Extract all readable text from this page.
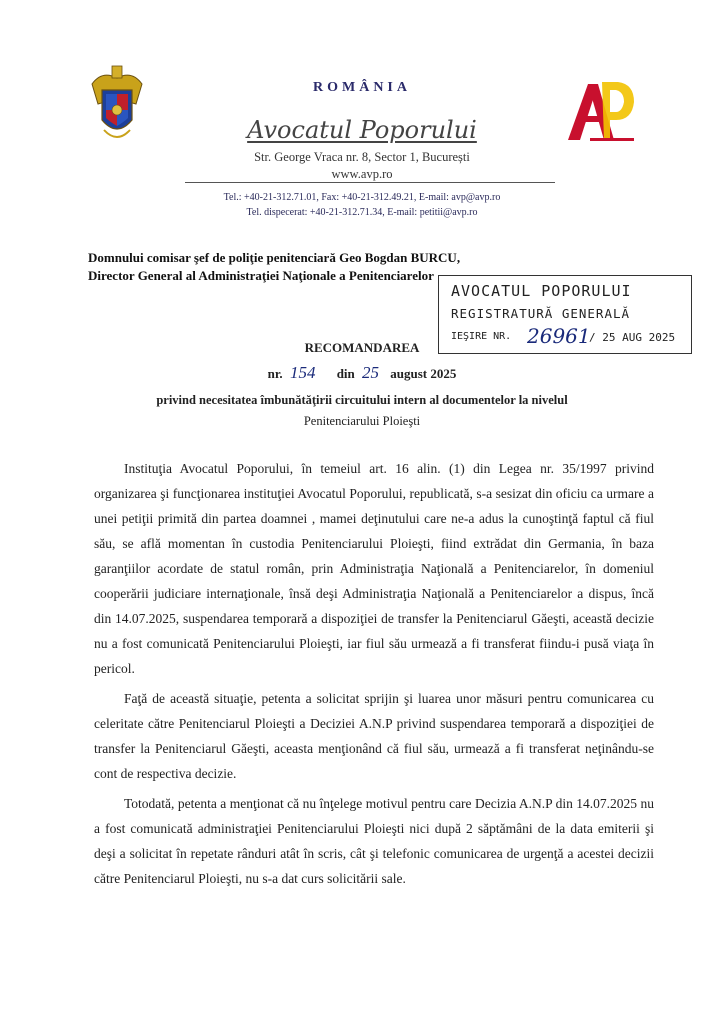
ROMÂNIA
Avocatul Poporului
Str. George Vraca nr. 8, Sector 1, București
www.avp.ro
Tel.: +40-21-312.71.01, Fax: +40-21-312.49.21, E-mail: avp@avp.ro
Tel. dispecerat: +40-21-312.71.34, E-mail: petitii@avp.ro
Domnului comisar şef de poliţie penitenciară Geo Bogdan BURCU,
Director General al Administraţiei Naţionale a Penitenciarelor
AVOCATUL POPORULUI
REGISTRATURĂ GENERALĂ
IEŞIRE NR. 26961
/ 25 AUG 2025
RECOMANDAREA
nr. 154 din 25 august 2025
privind necesitatea îmbunătăţirii circuitului intern al documentelor la nivelul
Penitenciarului Ploieşti

Instituţia Avocatul Poporului, în temeiul art. 16 alin. (1) din Legea nr. 35/1997 privind organizarea şi funcţionarea instituţiei Avocatul Poporului, republicată, s-a sesizat din oficiu ca urmare a unei petiţii primită din partea doamnei , mamei deţinutului care ne-a adus la cunoştinţă faptul că fiul său, se află momentan în custodia Penitenciarului Ploieşti, fiind extrădat din Germania, în baza garanţiilor acordate de statul român, prin Administraţia Naţională a Penitenciarelor, în domeniul cooperării judiciare internaţionale, însă deşi Administraţia Naţională a Penitenciarelor a dispus, încă din 14.07.2025, suspendarea temporară a dispoziţiei de transfer la Penitenciarul Găeşti, această decizie nu a fost comunicată Penitenciarului Ploieşti, iar fiul său urmează a fi transferat fiindu-i pusă viaţa în pericol.

Faţă de această situaţie, petenta a solicitat sprijin şi luarea unor măsuri pentru comunicarea cu celeritate către Penitenciarul Ploieşti a Deciziei A.N.P privind suspendarea temporară a dispoziţiei de transfer la Penitenciarul Găeşti, aceasta menţionând că fiul său, urmează a fi transferat neţinându-se cont de respectiva decizie.

Totodată, petenta a menţionat că nu înţelege motivul pentru care Decizia A.N.P din 14.07.2025 nu a fost comunicată administraţiei Penitenciarului Ploieşti nici după 2 săptămâni de la data emiterii şi deşi a solicitat în repetate rânduri atât în scris, cât şi telefonic comunicarea de urgenţă a acestei decizii către Penitenciarul Ploieşti, nu s-a dat curs solicitării sale.
